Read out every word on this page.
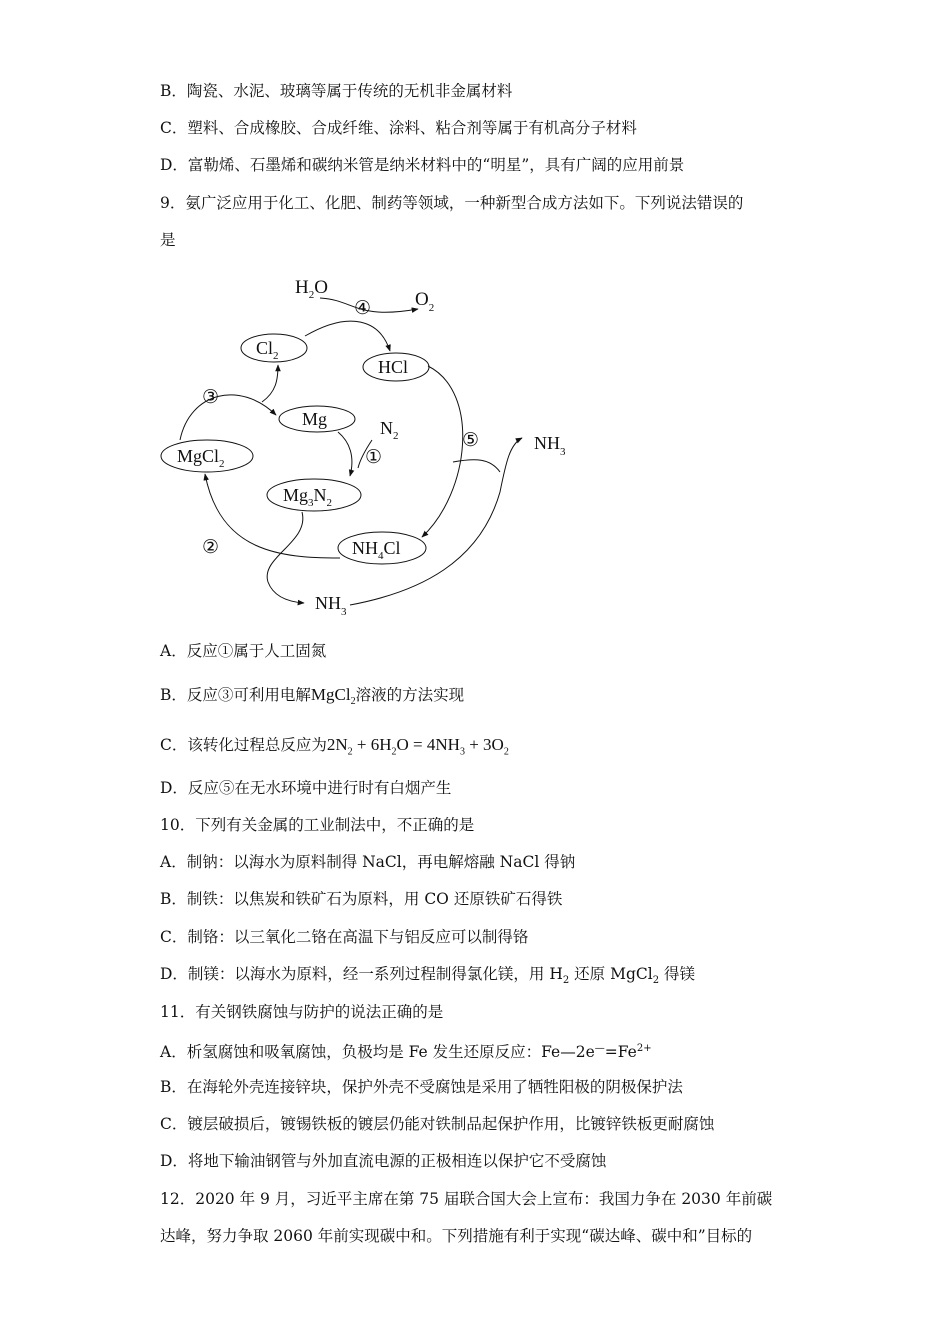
B．陶瓷、水泥、玻璃等属于传统的无机非金属材料
C．塑料、合成橡胶、合成纤维、涂料、粘合剂等属于有机高分子材料
D．富勒烯、石墨烯和碳纳米管是纳米材料中的“明星”，具有广阔的应用前景
9．氨广泛应用于化工、化肥、制药等领域，一种新型合成方法如下。下列说法错误的
是
$H_2O$
$O_2$
④
$Cl_2$
HCl
③
Mg	$N_2$
①
MgCl$_2$
$Mg_3N_2$
⑤	$NH_3$
②	$NH_4Cl$
$NH_3$
A．反应①属于人工固氮
B．反应③可利用电解MgCl$_2$溶液的方法实现
C．该转化过程总反应为$2N_2 + 6H_2O = 4NH_3 + 3O_2$
D．反应⑤在无水环境中进行时有白烟产生
10．下列有关金属的工业制法中，不正确的是
A．制钠：以海水为原料制得 NaCl，再电解熔融 NaCl 得钠
B．制铁：以焦炭和铁矿石为原料，用 CO 还原铁矿石得铁
C．制铬：以三氧化二铬在高温下与铝反应可以制得铬
D．制镁：以海水为原料，经一系列过程制得氯化镁，用 $H_2$ 还原 MgCl$_2$ 得镁
11．有关钢铁腐蚀与防护的说法正确的是
A．析氢腐蚀和吸氧腐蚀，负极均是 Fe 发生还原反应：$Fe—2e^—=Fe^{2+}$
B．在海轮外壳连接锌块，保护外壳不受腐蚀是采用了牺牲阳极的阴极保护法
C．镀层破损后，镀锡铁板的镀层仍能对铁制品起保护作用，比镀锌铁板更耐腐蚀
D．将地下输油钢管与外加直流电源的正极相连以保护它不受腐蚀
12．2020 年 9 月，习近平主席在第 75 届联合国大会上宣布：我国力争在 2030 年前碳
达峰，努力争取 2060 年前实现碳中和。下列措施有利于实现“碳达峰、碳中和”目标的
